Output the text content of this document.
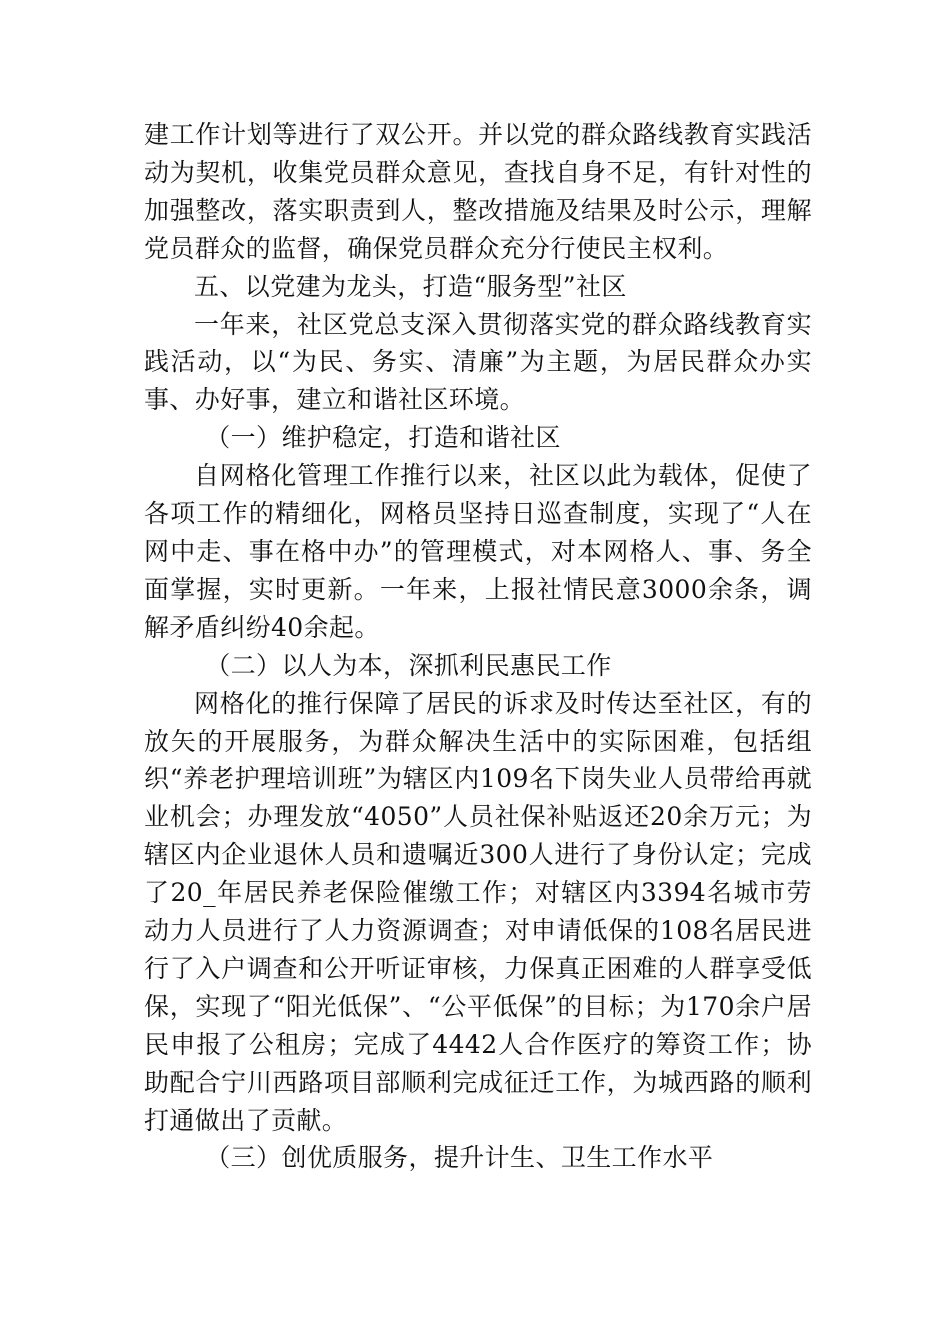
建工作计划等进行了双公开。并以党的群众路线教育实践活动为契机，收集党员群众意见，查找自身不足，有针对性的加强整改，落实职责到人，整改措施及结果及时公示，理解党员群众的监督，确保党员群众充分行使民主权利。

五、以党建为龙头，打造“服务型”社区

一年来，社区党总支深入贯彻落实党的群众路线教育实践活动，以“为民、务实、清廉”为主题，为居民群众办实事、办好事，建立和谐社区环境。

（一）维护稳定，打造和谐社区

自网格化管理工作推行以来，社区以此为载体，促使了各项工作的精细化，网格员坚持日巡查制度，实现了“人在网中走、事在格中办”的管理模式，对本网格人、事、务全面掌握，实时更新。一年来，上报社情民意3000余条，调解矛盾纠纷40余起。

（二）以人为本，深抓利民惠民工作

网格化的推行保障了居民的诉求及时传达至社区，有的放矢的开展服务，为群众解决生活中的实际困难，包括组织“养老护理培训班”为辖区内109名下岗失业人员带给再就业机会；办理发放“4050”人员社保补贴返还20余万元；为辖区内企业退休人员和遗嘱近300人进行了身份认定；完成了20_年居民养老保险催缴工作；对辖区内3394名城市劳动力人员进行了人力资源调查；对申请低保的108名居民进行了入户调查和公开听证审核，力保真正困难的人群享受低保，实现了“阳光低保”、“公平低保”的目标；为170余户居民申报了公租房；完成了4442人合作医疗的筹资工作；协助配合宁川西路项目部顺利完成征迁工作，为城西路的顺利打通做出了贡献。

（三）创优质服务，提升计生、卫生工作水平
